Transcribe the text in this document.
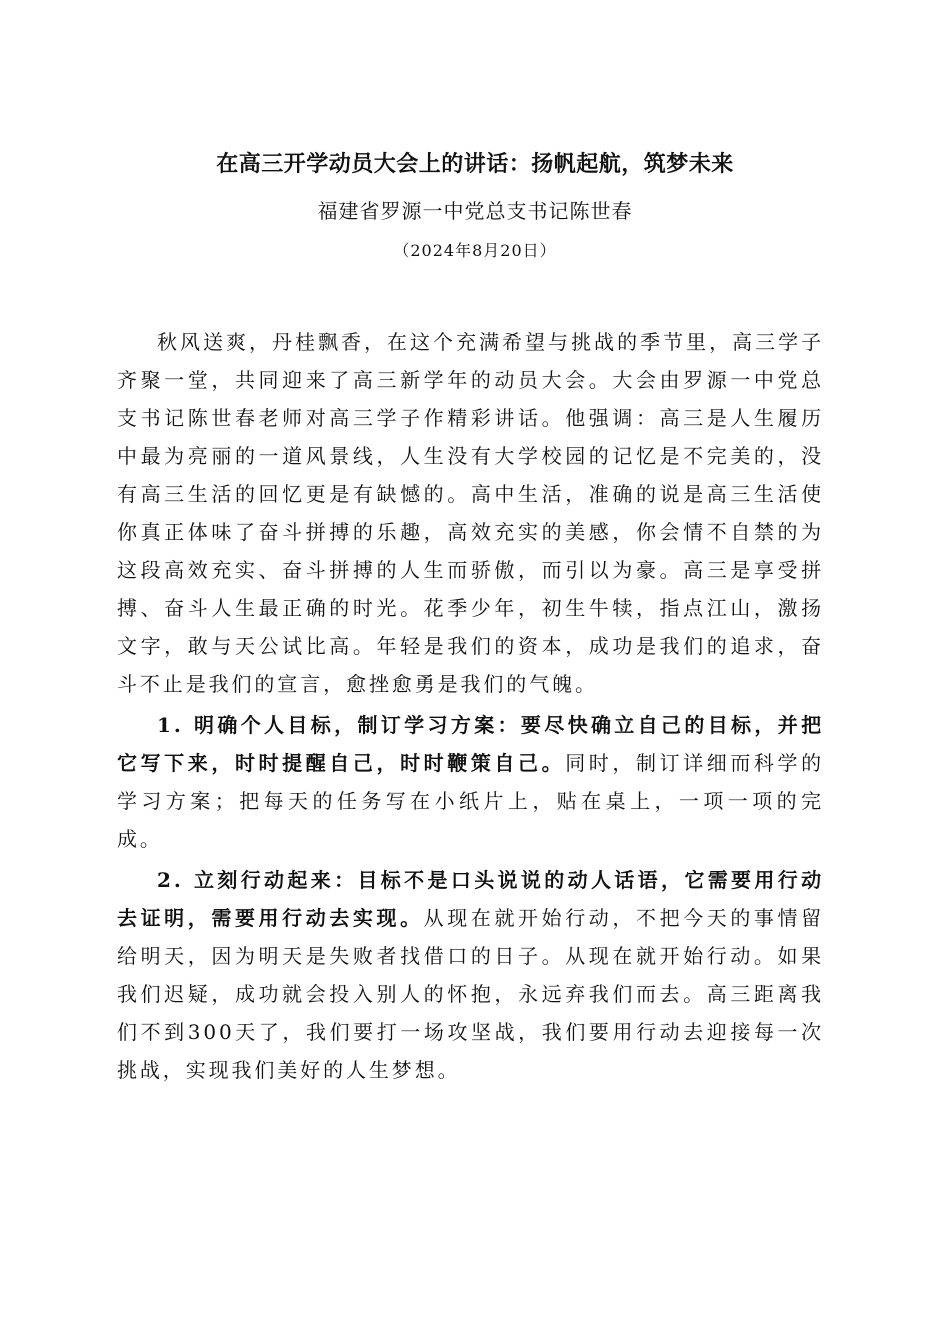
在高三开学动员大会上的讲话：扬帆起航，筑梦未来
福建省罗源一中党总支书记陈世春
（2024年8月20日）

秋风送爽，丹桂飘香，在这个充满希望与挑战的季节里，高三学子齐聚一堂，共同迎来了高三新学年的动员大会。大会由罗源一中党总支书记陈世春老师对高三学子作精彩讲话。他强调：高三是人生履历中最为亮丽的一道风景线，人生没有大学校园的记忆是不完美的，没有高三生活的回忆更是有缺憾的。高中生活，准确的说是高三生活使你真正体味了奋斗拼搏的乐趣，高效充实的美感，你会情不自禁的为这段高效充实、奋斗拼搏的人生而骄傲，而引以为豪。高三是享受拼搏、奋斗人生最正确的时光。花季少年，初生牛犊，指点江山，激扬文字，敢与天公试比高。年轻是我们的资本，成功是我们的追求，奋斗不止是我们的宣言，愈挫愈勇是我们的气魄。

1. 明确个人目标，制订学习方案：要尽快确立自己的目标，并把它写下来，时时提醒自己，时时鞭策自己。同时，制订详细而科学的学习方案；把每天的任务写在小纸片上，贴在桌上，一项一项的完成。

2. 立刻行动起来：目标不是口头说说的动人话语，它需要用行动去证明，需要用行动去实现。从现在就开始行动，不把今天的事情留给明天，因为明天是失败者找借口的日子。从现在就开始行动。如果我们迟疑，成功就会投入别人的怀抱，永远弃我们而去。高三距离我们不到300天了，我们要打一场攻坚战，我们要用行动去迎接每一次挑战，实现我们美好的人生梦想。
